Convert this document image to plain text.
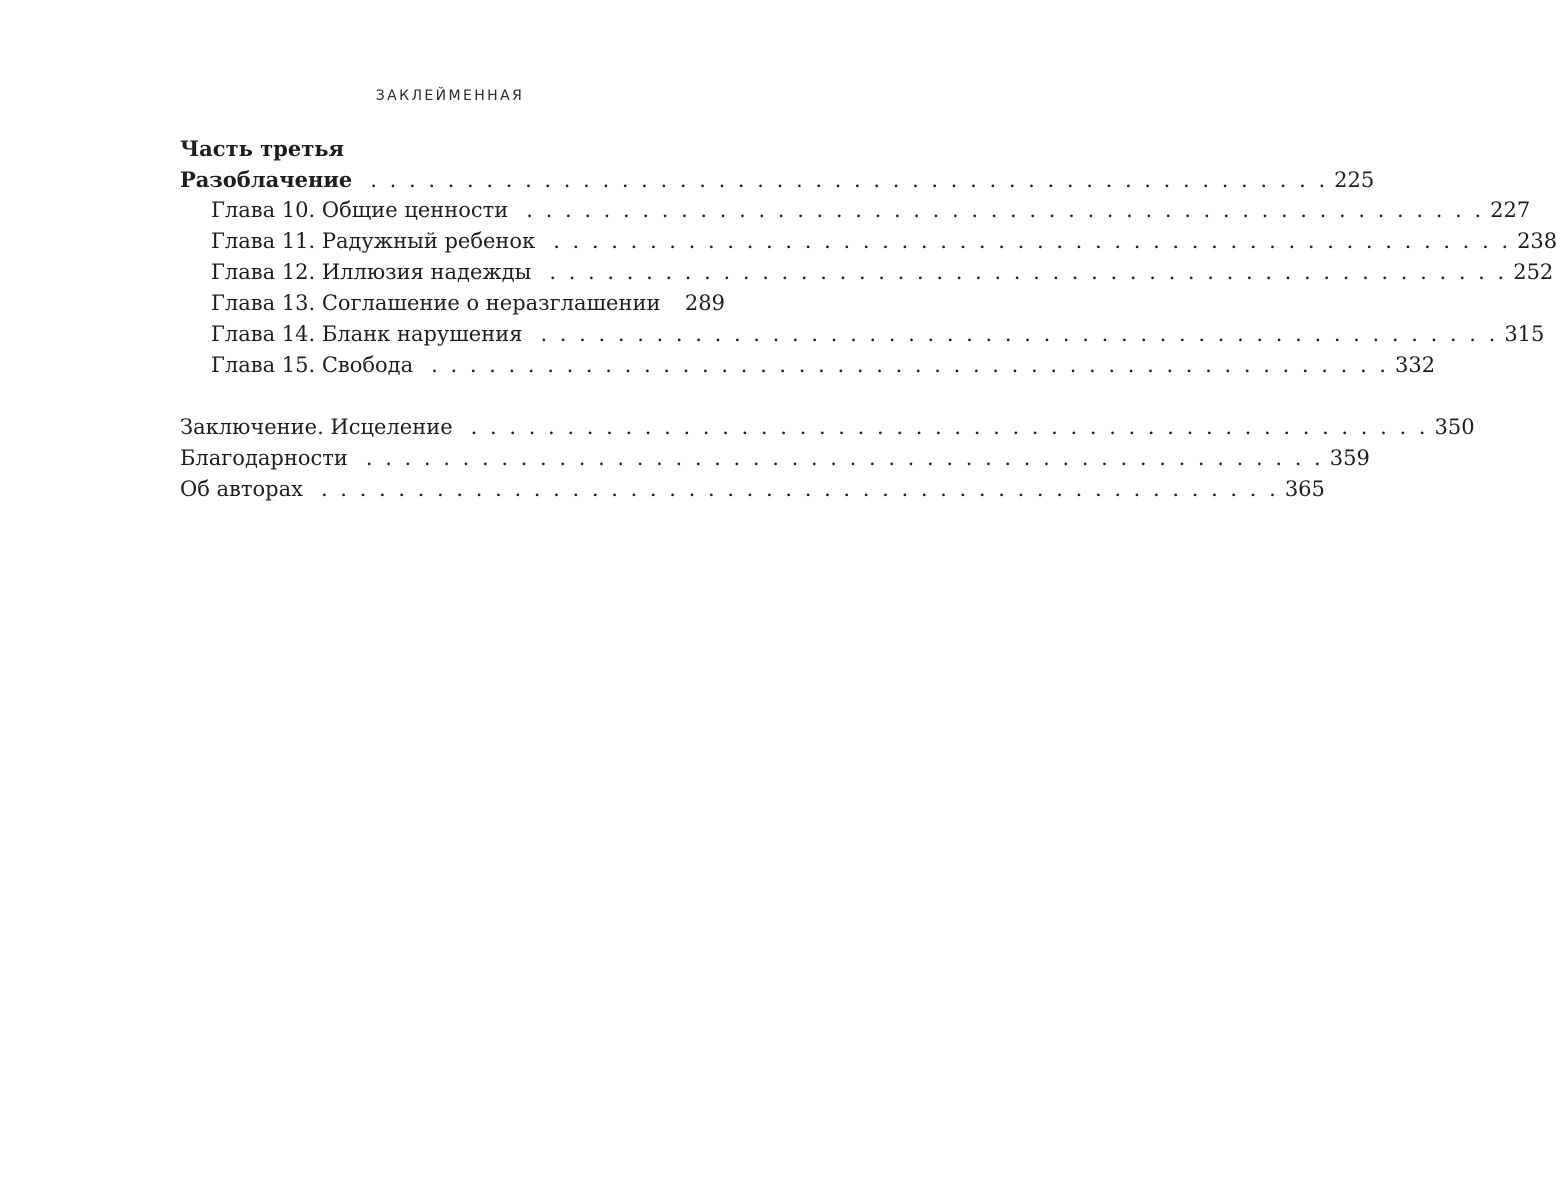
ЗАКЛЕЙМЕННАЯ
Часть третья
Разоблачение . . . . . . . . . . . . . . . . . . . . . . . . . . . . . . . . . . . . . . . . . . . . . . . . . . 225
Глава 10. Общие ценности . . . . . . . . . . . . . . . . . . . . . . . . . . . . . . . . . . . . . . . . . . . . . . . . . . 227
Глава 11. Радужный ребенок . . . . . . . . . . . . . . . . . . . . . . . . . . . . . . . . . . . . . . . . . . . . . . . . . . 238
Глава 12. Иллюзия надежды . . . . . . . . . . . . . . . . . . . . . . . . . . . . . . . . . . . . . . . . . . . . . . . . . . 252
Глава 13. Соглашение о неразглашении 289
Глава 14. Бланк нарушения . . . . . . . . . . . . . . . . . . . . . . . . . . . . . . . . . . . . . . . . . . . . . . . . . . 315
Глава 15. Свобода . . . . . . . . . . . . . . . . . . . . . . . . . . . . . . . . . . . . . . . . . . . . . . . . . . 332
Заключение. Исцеление . . . . . . . . . . . . . . . . . . . . . . . . . . . . . . . . . . . . . . . . . . . . . . . . . . 350
Благодарности . . . . . . . . . . . . . . . . . . . . . . . . . . . . . . . . . . . . . . . . . . . . . . . . . . 359
Об авторах . . . . . . . . . . . . . . . . . . . . . . . . . . . . . . . . . . . . . . . . . . . . . . . . . . 365
